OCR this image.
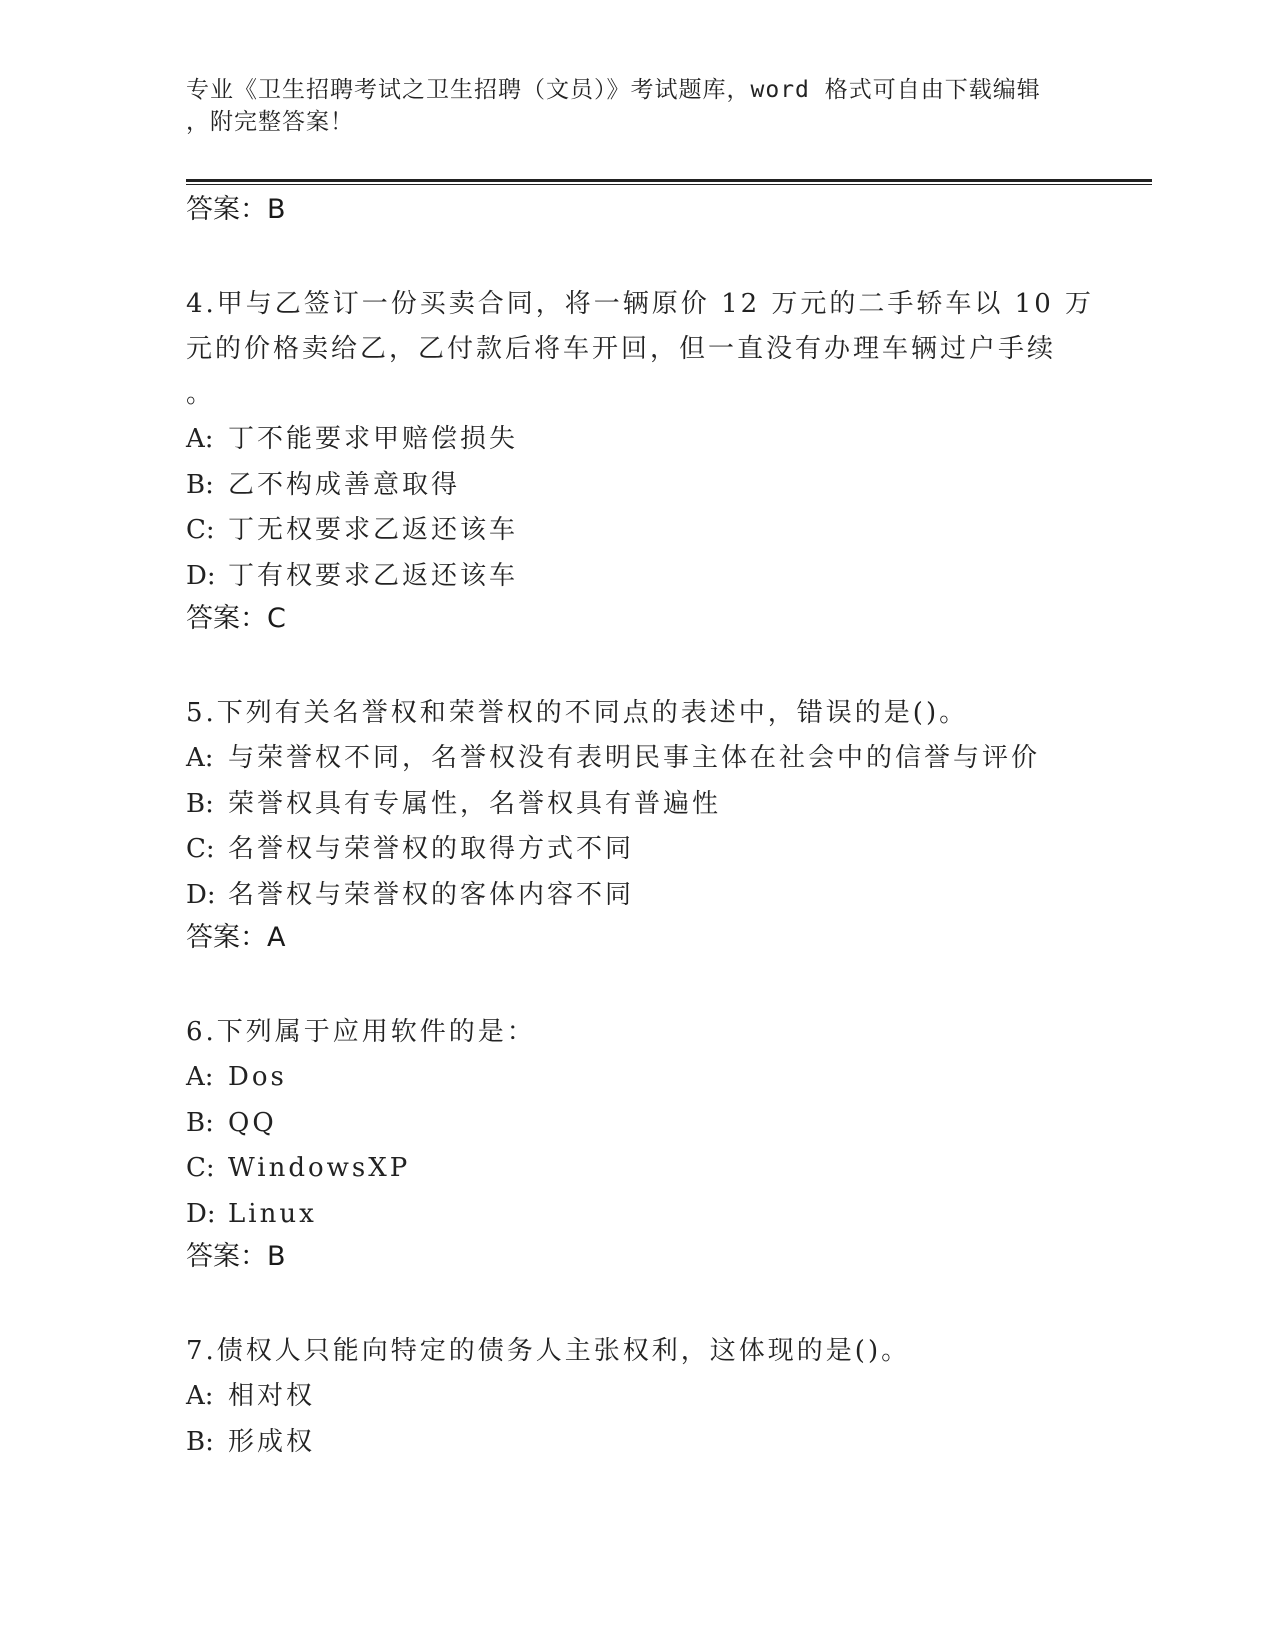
专业《卫生招聘考试之卫生招聘（文员）》考试题库，word 格式可自由下载编辑
，附完整答案！
答案：B
4.甲与乙签订一份买卖合同，将一辆原价 12 万元的二手轿车以 10 万
元的价格卖给乙，乙付款后将车开回，但一直没有办理车辆过户手续
。
A: 丁不能要求甲赔偿损失
B: 乙不构成善意取得
C: 丁无权要求乙返还该车
D: 丁有权要求乙返还该车
答案：C
5.下列有关名誉权和荣誉权的不同点的表述中，错误的是()。
A: 与荣誉权不同，名誉权没有表明民事主体在社会中的信誉与评价
B: 荣誉权具有专属性，名誉权具有普遍性
C: 名誉权与荣誉权的取得方式不同
D: 名誉权与荣誉权的客体内容不同
答案：A
6.下列属于应用软件的是：
A: Dos
B: QQ
C: WindowsXP
D: Linux
答案：B
7.债权人只能向特定的债务人主张权利，这体现的是()。
A: 相对权
B: 形成权
